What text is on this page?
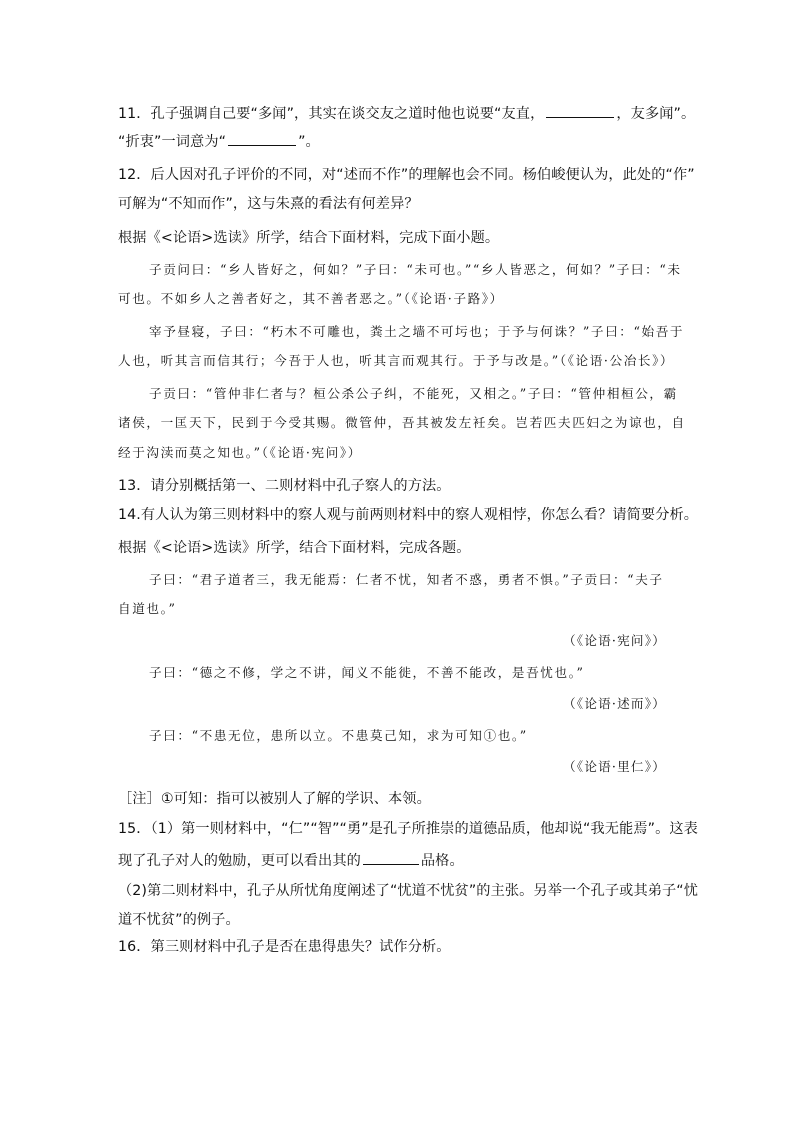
11．孔子强调自己要“多闻”，其实在谈交友之道时他也说要“友直，	，友多闻”。
“折衷”一词意为“	”。
12．后人因对孔子评价的不同，对“述而不作”的理解也会不同。杨伯峻便认为，此处的“作”
可解为“不知而作”，这与朱熹的看法有何差异？
根据《<论语>选读》所学，结合下面材料，完成下面小题。
子贡问曰：“乡人皆好之，何如？”子曰：“未可也。”“乡人皆恶之，何如？”子曰：“未
可也。不如乡人之善者好之，其不善者恶之。”（《论语·子路》）
宰予昼寝，子曰：“朽木不可雕也，粪土之墙不可圬也；于予与何诛？”子曰：“始吾于
人也，听其言而信其行；今吾于人也，听其言而观其行。于予与改是。”（《论语·公冶长》）
子贡曰：“管仲非仁者与？桓公杀公子纠，不能死，又相之。”子曰：“管仲相桓公，霸
诸侯，一匡天下，民到于今受其赐。微管仲，吾其被发左衽矣。岂若匹夫匹妇之为谅也，自
经于沟渎而莫之知也。”（《论语·宪问》）
13．请分别概括第一、二则材料中孔子察人的方法。
14.有人认为第三则材料中的察人观与前两则材料中的察人观相悖，你怎么看？请简要分析。
根据《<论语>选读》所学，结合下面材料，完成各题。
子曰：“君子道者三，我无能焉：仁者不忧，知者不惑，勇者不惧。”子贡曰：“夫子
自道也。”
（《论语·宪问》）
子曰：“德之不修，学之不讲，闻义不能徙，不善不能改，是吾忧也。”
（《论语·述而》）
子曰：“不患无位，患所以立。不患莫己知，求为可知①也。”
（《论语·里仁》）
［注］①可知：指可以被别人了解的学识、本领。
15．（1）第一则材料中，“仁”“智”“勇”是孔子所推崇的道德品质，他却说“我无能焉”。这表
现了孔子对人的勉励，更可以看出其的	品格。
（2)第二则材料中，孔子从所忧角度阐述了“忧道不忧贫”的主张。另举一个孔子或其弟子“忧
道不忧贫”的例子。
16．第三则材料中孔子是否在患得患失？试作分析。
